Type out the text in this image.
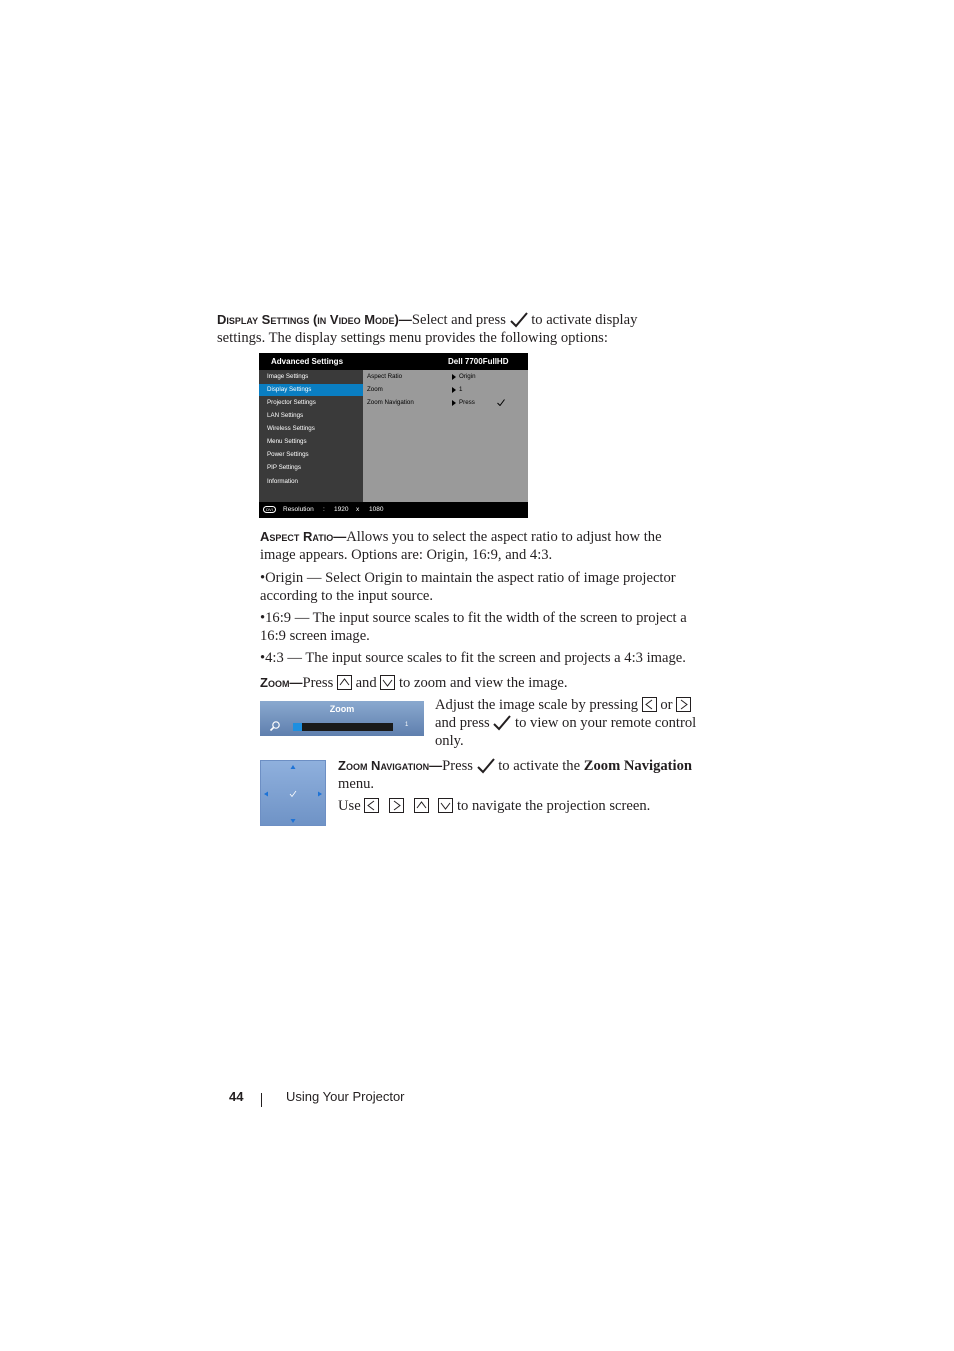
Display Settings (in Video Mode)—Select and press to activate display
settings. The display settings menu provides the following options:
Advanced Settings	Dell 7700FullHD
Image Settings
Display Settings
Projector Settings
LAN Settings
Wireless Settings
Menu Settings
Power Settings
PIP Settings
Information
Aspect Ratio	Origin
Zoom	1
Zoom Navigation	Press
DVI	Resolution : 1920 x 1080
Aspect Ratio—Allows you to select the aspect ratio to adjust how the
image appears. Options are: Origin, 16:9, and 4:3.
•Origin — Select Origin to maintain the aspect ratio of image projector
according to the input source.
•16:9 — The input source scales to fit the width of the screen to project a
16:9 screen image.
•4:3 — The input source scales to fit the screen and projects a 4:3 image.
Zoom—Press and to zoom and view the image.
Zoom
1
Adjust the image scale by pressing or

and press to view on your remote control
only.
Zoom Navigation—Press to activate the Zoom Navigation
menu.
Use

	to navigate the projection screen.
44	Using Your Projector
